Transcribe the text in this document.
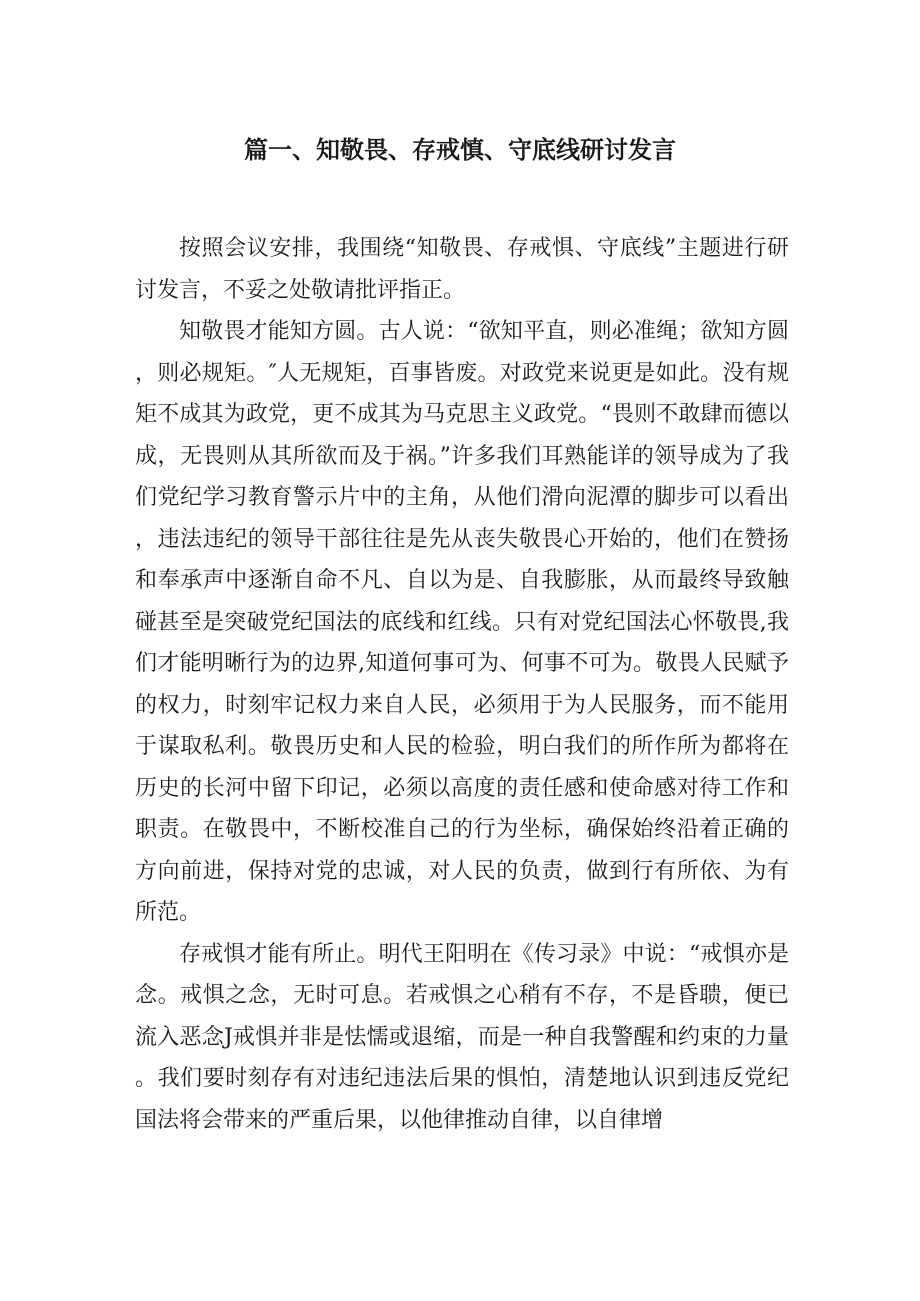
篇一、知敬畏、存戒慎、守底线研讨发言

按照会议安排，我围绕“知敬畏、存戒惧、守底线”主题进行研讨发言，不妥之处敬请批评指正。

知敬畏才能知方圆。古人说：“欲知平直，则必准绳；欲知方圆，则必规矩。″人无规矩，百事皆废。对政党来说更是如此。没有规矩不成其为政党，更不成其为马克思主义政党。“畏则不敢肆而德以成，无畏则从其所欲而及于祸。”许多我们耳熟能详的领导成为了我们党纪学习教育警示片中的主角，从他们滑向泥潭的脚步可以看出，违法违纪的领导干部往往是先从丧失敬畏心开始的，他们在赞扬和奉承声中逐渐自命不凡、自以为是、自我膨胀，从而最终导致触碰甚至是突破党纪国法的底线和红线。只有对党纪国法心怀敬畏,我们才能明晰行为的边界,知道何事可为、何事不可为。敬畏人民赋予的权力，时刻牢记权力来自人民，必须用于为人民服务，而不能用于谋取私利。敬畏历史和人民的检验，明白我们的所作所为都将在历史的长河中留下印记，必须以高度的责任感和使命感对待工作和职责。在敬畏中，不断校准自己的行为坐标，确保始终沿着正确的方向前进，保持对党的忠诚，对人民的负责，做到行有所依、为有所范。

存戒惧才能有所止。明代王阳明在《传习录》中说：“戒惧亦是念。戒惧之念，无时可息。若戒惧之心稍有不存，不是昏聩，便已流入恶念J戒惧并非是怯懦或退缩，而是一种自我警醒和约束的力量。我们要时刻存有对违纪违法后果的惧怕，清楚地认识到违反党纪国法将会带来的严重后果，以他律推动自律，以自律增
